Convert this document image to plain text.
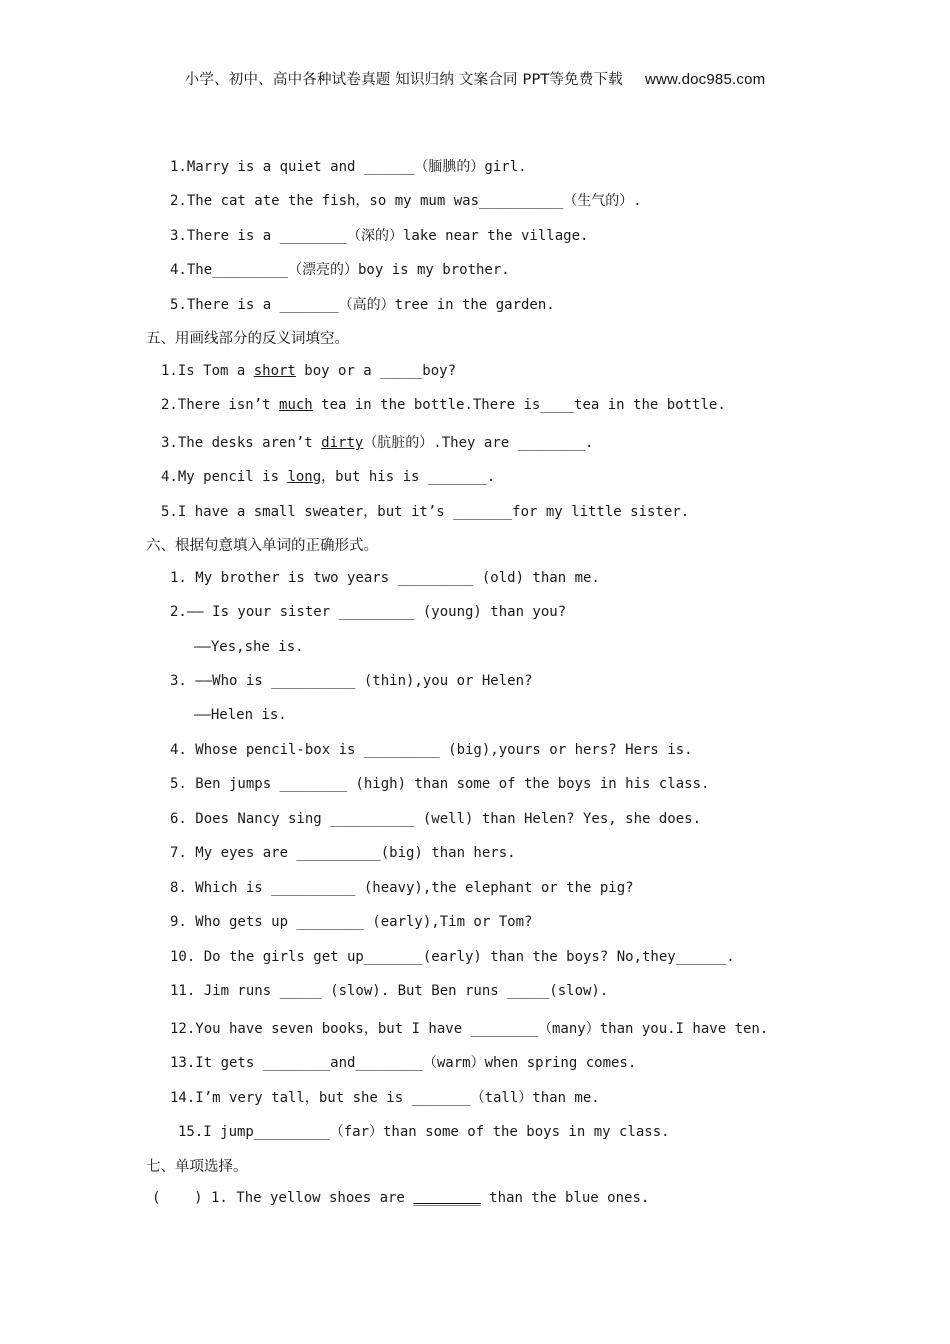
小学、初中、高中各种试卷真题 知识归纳 文案合同 PPT等免费下载 www.doc985.com
1.Marry is a quiet and ______（腼腆的）girl.
2.The cat ate the fish，so my mum was__________（生气的）.
3.There is a ________（深的）lake near the village.
4.The_________（漂亮的）boy is my brother.
5.There is a _______（高的）tree in the garden.
五、用画线部分的反义词填空。
1.Is Tom a short boy or a _____boy?
2.There isn’t much tea in the bottle.There is____tea in the bottle.
3.The desks aren’t dirty（肮脏的）.They are ________.
4.My pencil is long，but his is _______.
5.I have a small sweater，but it’s _______for my little sister.
六、根据句意填入单词的正确形式。
1. My brother is two years _________ (old) than me.
2.—— Is your sister _________ (young) than you?
——Yes,she is.
3. ——Who is __________ (thin),you or Helen?
——Helen is.
4. Whose pencil-box is _________ (big),yours or hers? Hers is.
5. Ben jumps ________ (high) than some of the boys in his class.
6. Does Nancy sing __________ (well) than Helen? Yes, she does.
7. My eyes are __________(big) than hers.
8. Which is __________ (heavy),the elephant or the pig?
9. Who gets up ________ (early),Tim or Tom?
10. Do the girls get up_______(early) than the boys? No,they______.
11. Jim runs _____ (slow). But Ben runs _____(slow).
12.You have seven books，but I have ________（many）than you.I have ten.
13.It gets ________and________（warm）when spring comes.
14.I’m very tall，but she is _______（tall）than me.
15.I jump_________（far）than some of the boys in my class.
七、单项选择。
(    ) 1. The yellow shoes are ________ than the blue ones.
